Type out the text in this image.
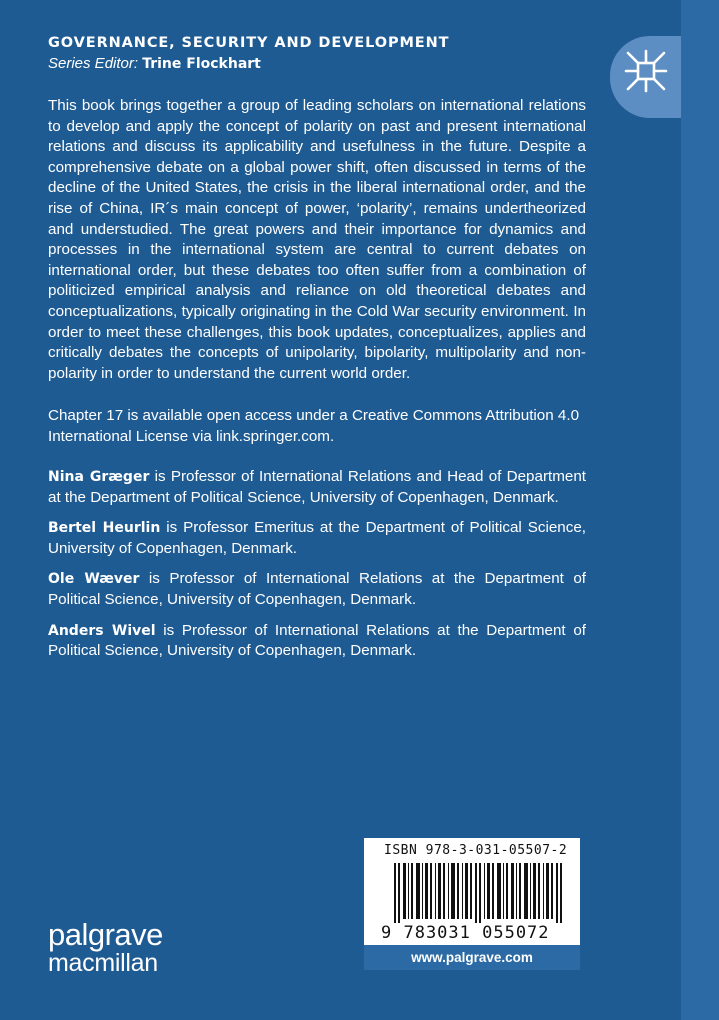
GOVERNANCE, SECURITY AND DEVELOPMENT
Series Editor: Trine Flockhart

This book brings together a group of leading scholars on international relations to develop and apply the concept of polarity on past and present international relations and discuss its applicability and usefulness in the future. Despite a comprehensive debate on a global power shift, often discussed in terms of the decline of the United States, the crisis in the liberal international order, and the rise of China, IR´s main concept of power, ‘polarity’, remains undertheorized and understudied. The great powers and their importance for dynamics and processes in the international system are central to current debates on international order, but these debates too often suffer from a combination of politicized empirical analysis and reliance on old theoretical debates and conceptualizations, typically originating in the Cold War security environment. In order to meet these challenges, this book updates, conceptualizes, applies and critically debates the concepts of unipolarity, bipolarity, multipolarity and non-polarity in order to understand the current world order.

Chapter 17 is available open access under a Creative Commons Attribution 4.0 International License via link.springer.com.

Nina Græger is Professor of International Relations and Head of Department at the Department of Political Science, University of Copenhagen, Denmark.

Bertel Heurlin is Professor Emeritus at the Department of Political Science, University of Copenhagen, Denmark.

Ole Wæver is Professor of International Relations at the Department of Political Science, University of Copenhagen, Denmark.

Anders Wivel is Professor of International Relations at the Department of Political Science, University of Copenhagen, Denmark.

ISBN 978-3-031-05507-2
9 783031 055072
www.palgrave.com
palgrave
macmillan
